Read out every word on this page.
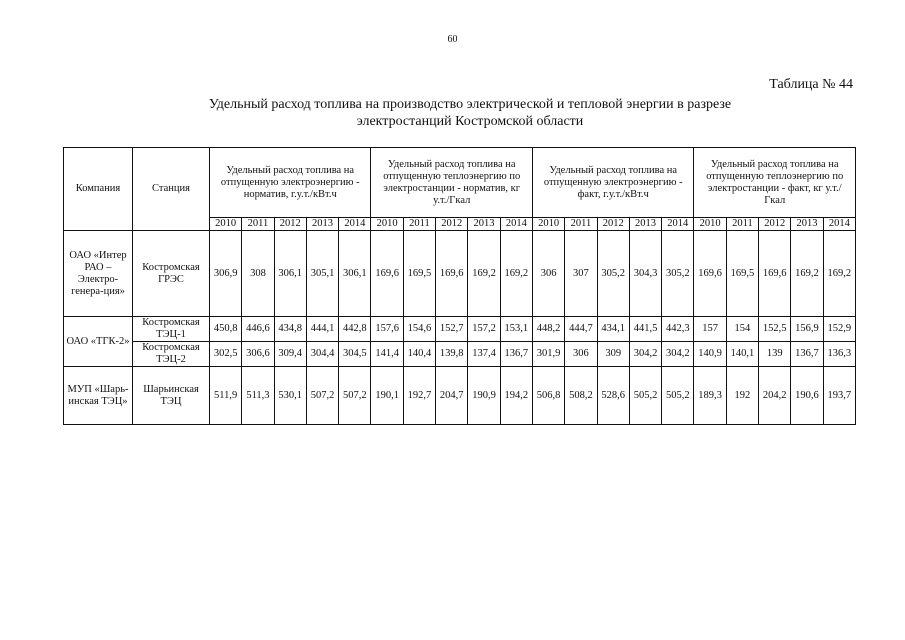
60
Таблица № 44
Удельный расход топлива на производство электрической и тепловой энергии в разрезе
электростанций Костромской области
Компания	Станция	Удельный расход топлива на отпущенную электроэнергию - норматив, г.у.т./кВт.ч					Удельный расход топлива на отпущенную теплоэнергию по электростанции - норматив, кг у.т./Гкал					Удельный расход топлива на отпущенную электроэнергию - факт, г.у.т./кВт.ч					Удельный расход топлива на отпущенную теплоэнергию по электростанции - факт, кг у.т./Гкал				
		2010	2011	2012	2013	2014	2010	2011	2012	2013	2014	2010	2011	2012	2013	2014	2010	2011	2012	2013	2014
ОАО «Интер РАО – Электро-генера-ция»	Костромская ГРЭС	306,9	308	306,1	305,1	306,1	169,6	169,5	169,6	169,2	169,2	306	307	305,2	304,3	305,2	169,6	169,5	169,6	169,2	169,2
ОАО «ТГК-2»	Костромская ТЭЦ-1	450,8	446,6	434,8	444,1	442,8	157,6	154,6	152,7	157,2	153,1	448,2	444,7	434,1	441,5	442,3	157	154	152,5	156,9	152,9
	Костромская ТЭЦ-2	302,5	306,6	309,4	304,4	304,5	141,4	140,4	139,8	137,4	136,7	301,9	306	309	304,2	304,2	140,9	140,1	139	136,7	136,3
МУП «Шарь-инская ТЭЦ»	Шарьинская ТЭЦ	511,9	511,3	530,1	507,2	507,2	190,1	192,7	204,7	190,9	194,2	506,8	508,2	528,6	505,2	505,2	189,3	192	204,2	190,6	193,7
